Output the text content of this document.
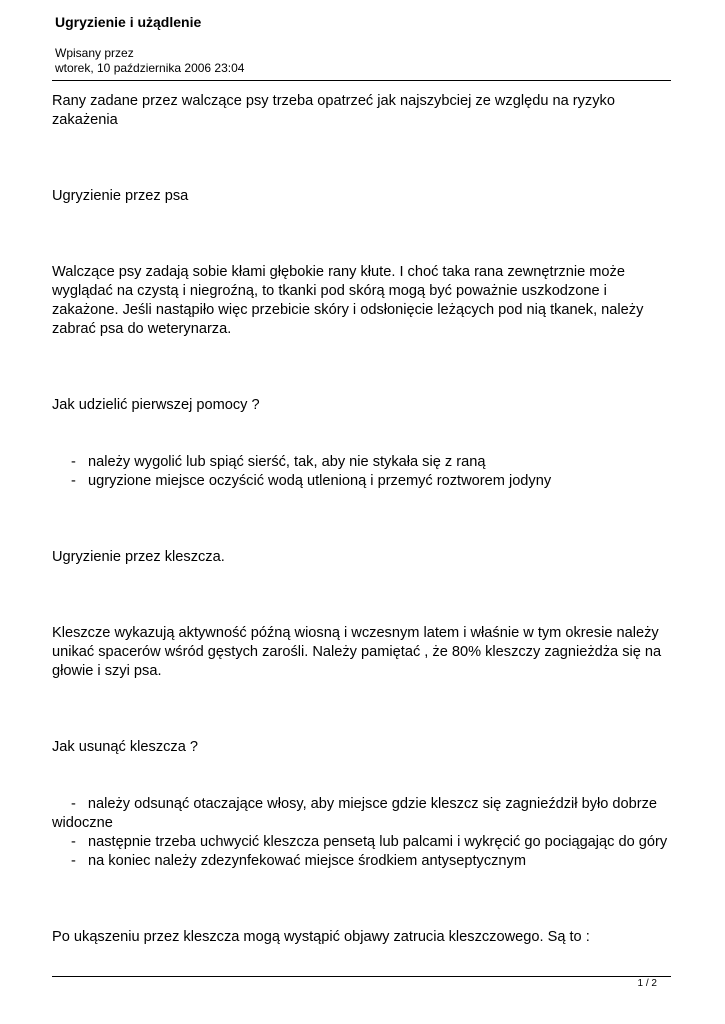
Ugryzienie i użądlenie
Wpisany przez
wtorek, 10 października 2006 23:04

Rany zadane przez walczące psy trzeba opatrzeć jak najszybciej ze względu na ryzyko zakażenia

Ugryzienie przez psa

Walczące psy zadają sobie kłami głębokie rany kłute. I choć taka rana zewnętrznie może wyglądać na czystą i niegroźną, to tkanki pod skórą mogą być poważnie uszkodzone i zakażone. Jeśli nastąpiło więc przebicie skóry i odsłonięcie leżących pod nią tkanek, należy zabrać psa do weterynarza.

Jak udzielić pierwszej pomocy ?

- należy wygolić lub spiąć sierść, tak, aby nie stykała się z raną
- ugryzione miejsce oczyścić wodą utlenioną i przemyć roztworem jodyny

Ugryzienie przez kleszcza.

Kleszcze wykazują aktywność późną wiosną i wczesnym latem i właśnie w tym okresie należy unikać spacerów wśród gęstych zarośli. Należy pamiętać , że 80% kleszczy zagnieżdża się na głowie i szyi psa.

Jak usunąć kleszcza ?

- należy odsunąć otaczające włosy, aby miejsce gdzie kleszcz się zagnieździł było dobrze widoczne
- następnie trzeba uchwycić kleszcza pensetą lub palcami i wykręcić go pociągając do góry
- na koniec należy zdezynfekować miejsce środkiem antyseptycznym

Po ukąszeniu przez kleszcza mogą wystąpić objawy zatrucia kleszczowego. Są to :

1 / 2
